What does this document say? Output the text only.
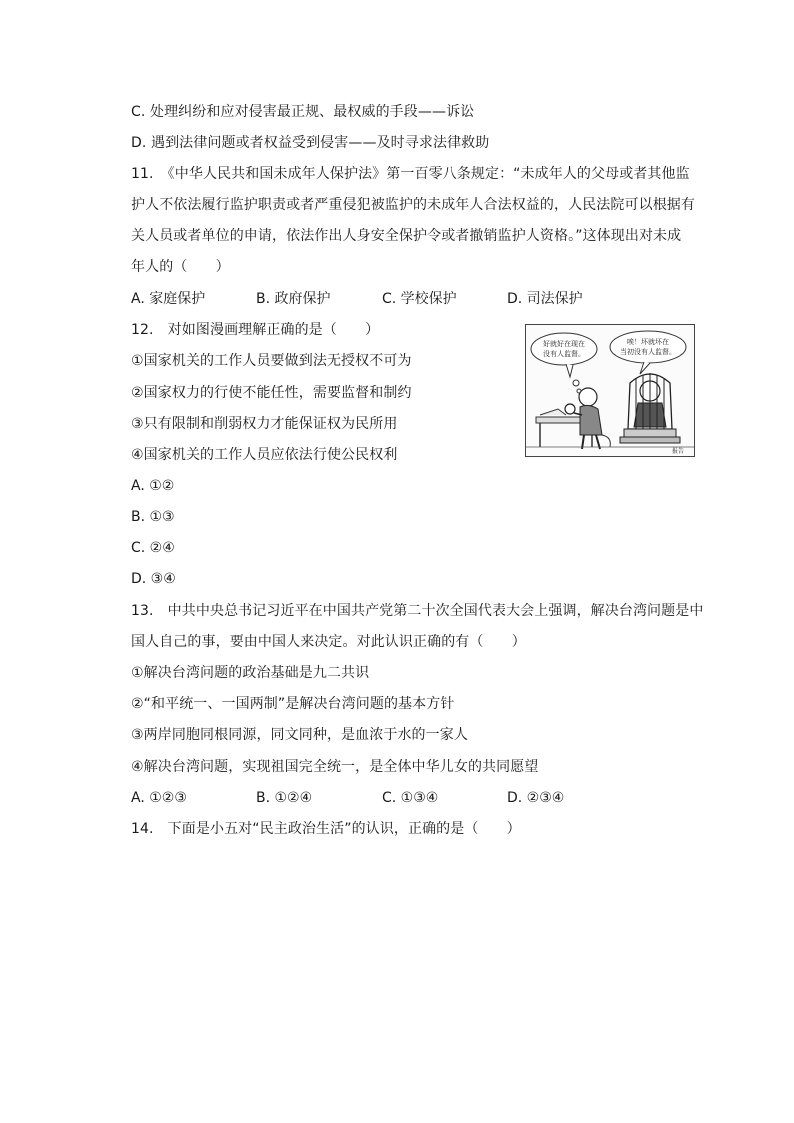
C. 处理纠纷和应对侵害最正规、最权威的手段——诉讼
D. 遇到法律问题或者权益受到侵害——及时寻求法律救助
11.　《中华人民共和国未成年人保护法》第一百零八条规定：“未成年人的父母或者其他监
护人不依法履行监护职责或者严重侵犯被监护的未成年人合法权益的，人民法院可以根据有
关人员或者单位的申请，依法作出人身安全保护令或者撤销监护人资格。”这体现出对未成
年人的（　　）
A. 家庭保护	B. 政府保护	C. 学校保护	D. 司法保护
12.　对如图漫画理解正确的是（　　）
①国家机关的工作人员要做到法无授权不可为
②国家权力的行使不能任性，需要监督和制约
③只有限制和削弱权力才能保证权为民所用
④国家机关的工作人员应依法行使公民权利
A. ①②
B. ①③
C. ②④
D. ③④
好就好在现在
没有人监督。
唉！坏就坏在
当初没有人监督。
报告
13.　中共中央总书记习近平在中国共产党第二十次全国代表大会上强调，解决台湾问题是中
国人自己的事，要由中国人来决定。对此认识正确的有（　　）
①解决台湾问题的政治基础是九二共识
②“和平统一、一国两制”是解决台湾问题的基本方针
③两岸同胞同根同源，同文同种，是血浓于水的一家人
④解决台湾问题，实现祖国完全统一，是全体中华儿女的共同愿望
A. ①②③	B. ①②④	C. ①③④	D. ②③④
14.　下面是小五对“民主政治生活”的认识，正确的是（　　）
